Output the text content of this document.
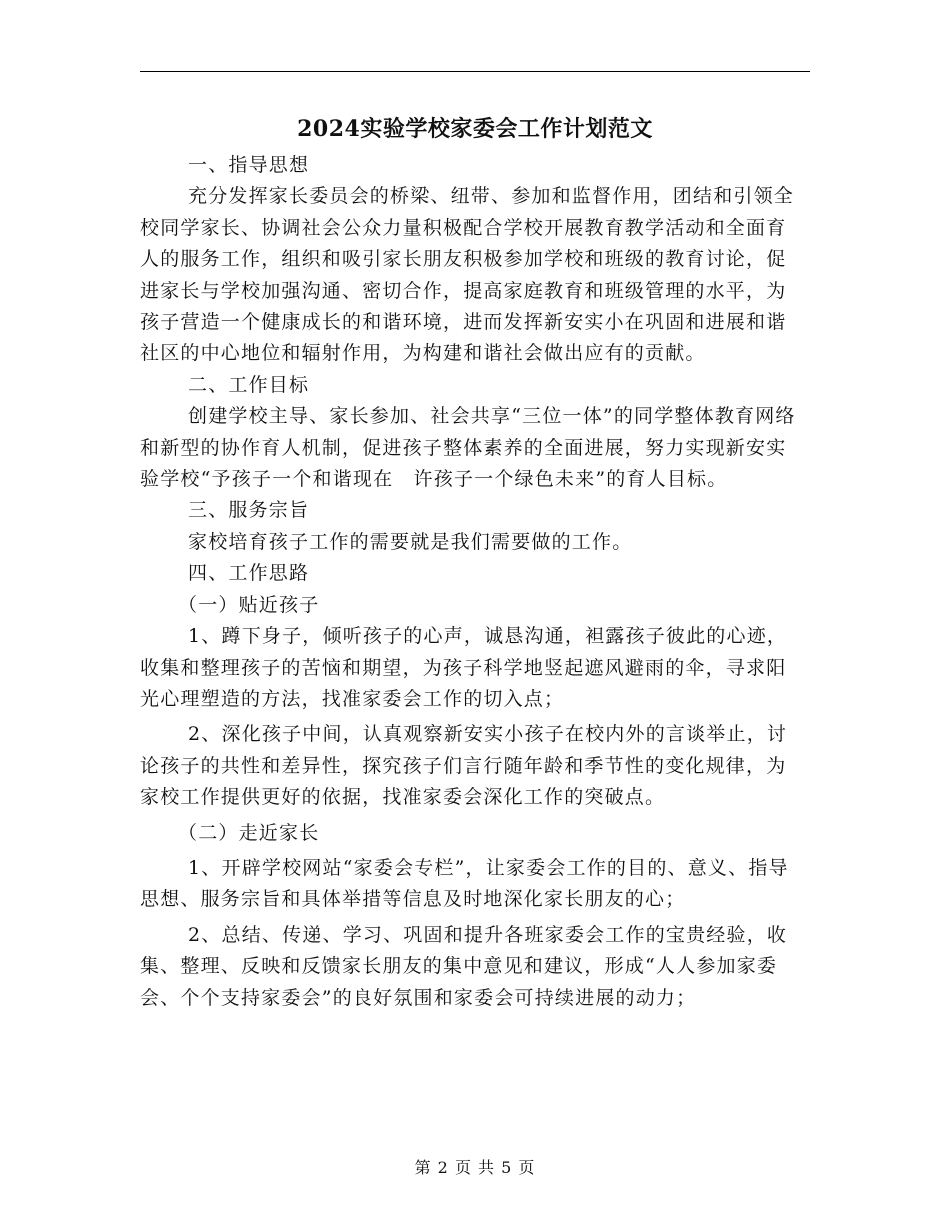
2024实验学校家委会工作计划范文

一、指导思想

充分发挥家长委员会的桥梁、纽带、参加和监督作用，团结和引领全校同学家长、协调社会公众力量积极配合学校开展教育教学活动和全面育人的服务工作，组织和吸引家长朋友积极参加学校和班级的教育讨论，促进家长与学校加强沟通、密切合作，提高家庭教育和班级管理的水平，为孩子营造一个健康成长的和谐环境，进而发挥新安实小在巩固和进展和谐社区的中心地位和辐射作用，为构建和谐社会做出应有的贡献。

二、工作目标

创建学校主导、家长参加、社会共享“三位一体”的同学整体教育网络和新型的协作育人机制，促进孩子整体素养的全面进展，努力实现新安实验学校“予孩子一个和谐现在　许孩子一个绿色未来”的育人目标。

三、服务宗旨

家校培育孩子工作的需要就是我们需要做的工作。

四、工作思路

（一）贴近孩子

1、蹲下身子，倾听孩子的心声，诚恳沟通，袒露孩子彼此的心迹，收集和整理孩子的苦恼和期望，为孩子科学地竖起遮风避雨的伞，寻求阳光心理塑造的方法，找准家委会工作的切入点；

2、深化孩子中间，认真观察新安实小孩子在校内外的言谈举止，讨论孩子的共性和差异性，探究孩子们言行随年龄和季节性的变化规律，为家校工作提供更好的依据，找准家委会深化工作的突破点。

（二）走近家长

1、开辟学校网站“家委会专栏”，让家委会工作的目的、意义、指导思想、服务宗旨和具体举措等信息及时地深化家长朋友的心；

2、总结、传递、学习、巩固和提升各班家委会工作的宝贵经验，收集、整理、反映和反馈家长朋友的集中意见和建议，形成“人人参加家委会、个个支持家委会”的良好氛围和家委会可持续进展的动力；

第 2 页 共 5 页
